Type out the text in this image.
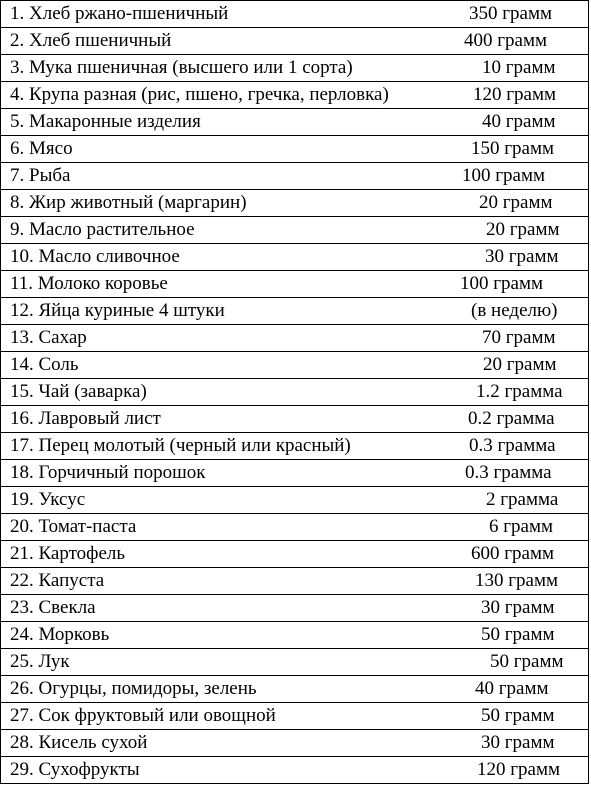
1. Хлеб ржано-пшеничный	350 грамм
2. Хлеб пшеничный	400 грамм
3. Мука пшеничная (высшего или 1 сорта)	10 грамм
4. Крупа разная (рис, пшено, гречка, перловка)	120 грамм
5. Макаронные изделия	40 грамм
6. Мясо	150 грамм
7. Рыба	100 грамм
8. Жир животный (маргарин)	20 грамм
9. Масло растительное	20 грамм
10. Масло сливочное	30 грамм
11. Молоко коровье	100 грамм
12. Яйца куриные 4 штуки	(в неделю)
13. Сахар	70 грамм
14. Соль	20 грамм
15. Чай (заварка)	1.2 грамма
16. Лавровый лист	0.2 грамма
17. Перец молотый (черный или красный)	0.3 грамма
18. Горчичный порошок	0.3 грамма
19. Уксус	2 грамма
20. Томат-паста	6 грамм
21. Картофель	600 грамм
22. Капуста	130 грамм
23. Свекла	30 грамм
24. Морковь	50 грамм
25. Лук	50 грамм
26. Огурцы, помидоры, зелень	40 грамм
27. Сок фруктовый или овощной	50 грамм
28. Кисель сухой	30 грамм
29. Сухофрукты	120 грамм
